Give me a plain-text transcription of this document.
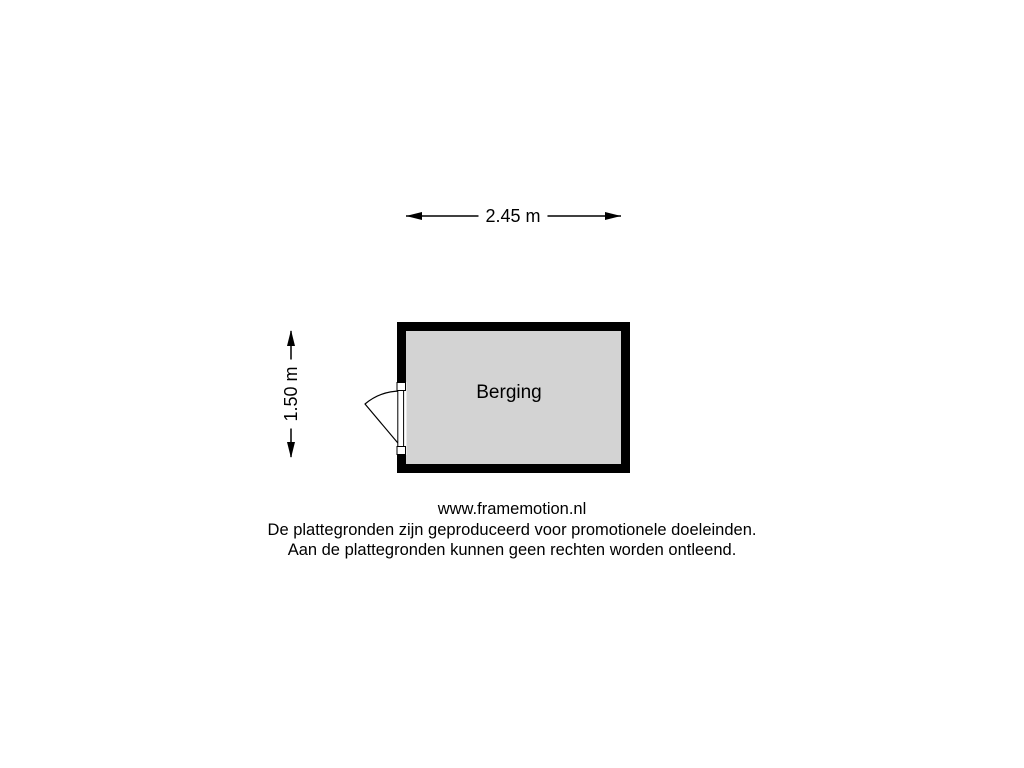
2.45 m
1.50 m	Berging
www.framemotion.nl
De plattegronden zijn geproduceerd voor promotionele doeleinden.
Aan de plattegronden kunnen geen rechten worden ontleend.
